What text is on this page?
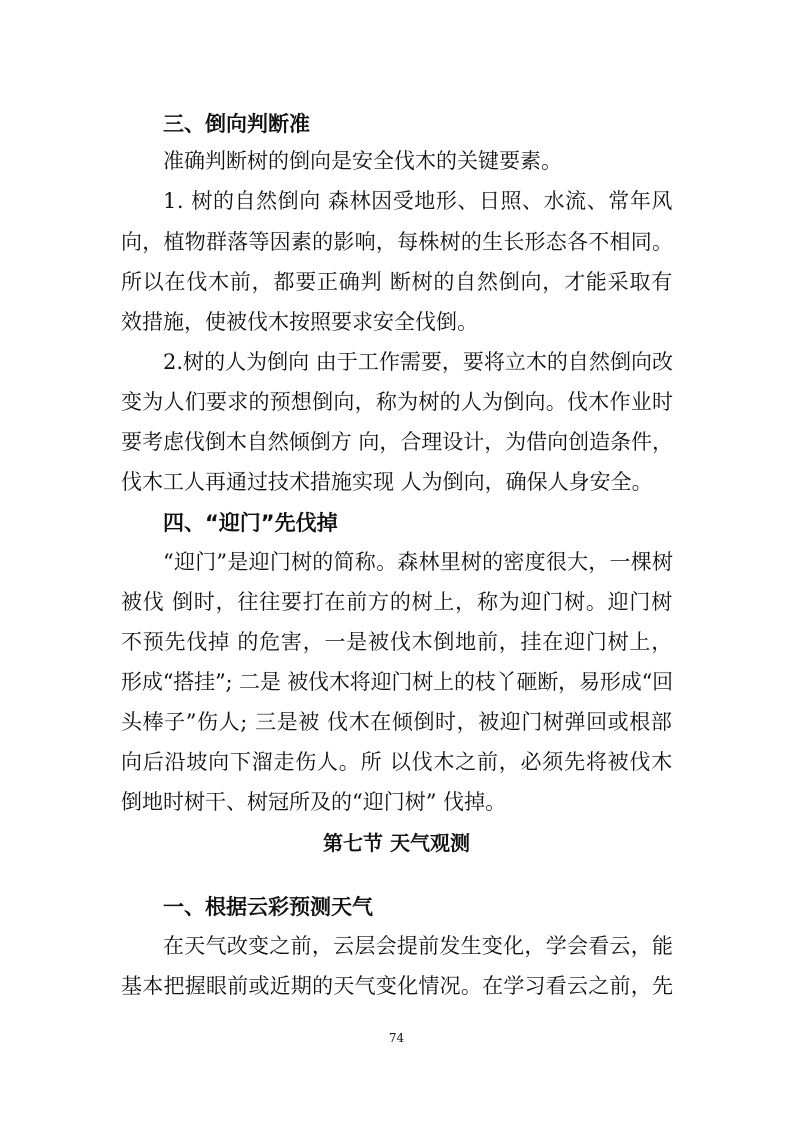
三、倒向判断准
准确判断树的倒向是安全伐木的关键要素。
1. 树的自然倒向 森林因受地形、日照、水流、常年风
向，植物群落等因素的影响，每株树的生长形态各不相同。
所以在伐木前，都要正确判 断树的自然倒向，才能采取有
效措施，使被伐木按照要求安全伐倒。
2.树的人为倒向 由于工作需要，要将立木的自然倒向改
变为人们要求的预想倒向，称为树的人为倒向。伐木作业时
要考虑伐倒木自然倾倒方 向，合理设计，为借向创造条件，
伐木工人再通过技术措施实现 人为倒向，确保人身安全。
四、“迎门”先伐掉
“迎门”是迎门树的简称。森林里树的密度很大，一棵树
被伐 倒时，往往要打在前方的树上，称为迎门树。迎门树
不预先伐掉 的危害，一是被伐木倒地前，挂在迎门树上，
形成“搭挂”; 二是 被伐木将迎门树上的枝丫砸断，易形成“回
头棒子”伤人; 三是被 伐木在倾倒时，被迎门树弹回或根部
向后沿坡向下溜走伤人。所 以伐木之前，必须先将被伐木
倒地时树干、树冠所及的“迎门树” 伐掉。
第七节 天气观测
一、根据云彩预测天气
在天气改变之前，云层会提前发生变化，学会看云，能
基本把握眼前或近期的天气变化情况。在学习看云之前，先
74
